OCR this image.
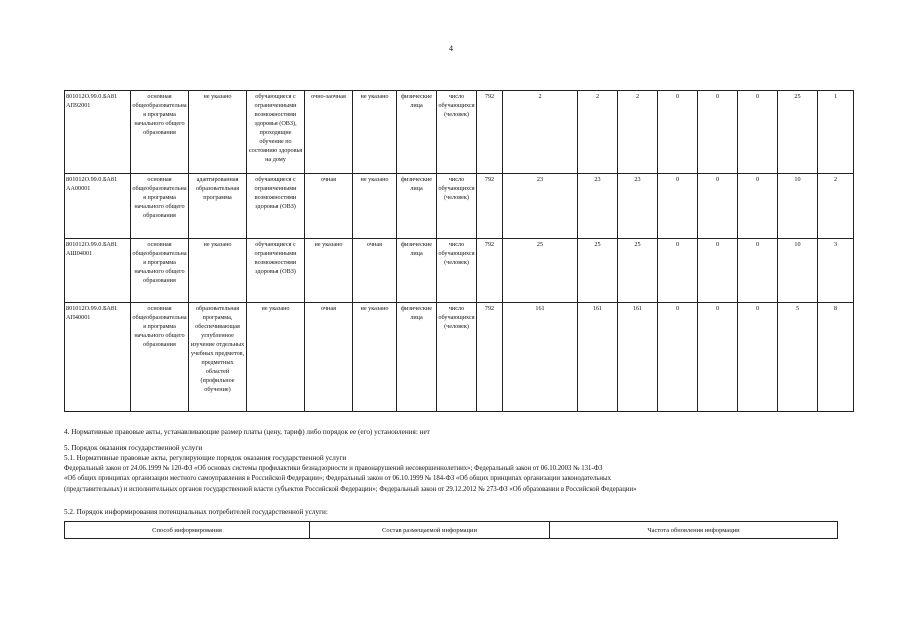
4
801012О.99.0.БА81 АП92001	основная общеобразовательная программа начального общего образования	не указано	обучающиеся с ограниченными возможностями здоровья (ОВЗ), проходящие обучение по состоянию здоровья на дому	очно-заочная	не указано	физические лица	число обучающихся (человек)	792	2	2	2	0	0	0	25	1
801012О.99.0.БА81 АА00001	основная общеобразовательная программа начального общего образования	адаптированная образовательная программа	обучающиеся с ограниченными возможностями здоровья (ОВЗ)	очная	не указано	физические лица	число обучающихся (человек)	792	23	23	23	0	0	0	10	2
801012О.99.0.БА81 АШ04001	основная общеобразовательная программа начального общего образования	не указано	обучающиеся с ограниченными возможностями здоровья (ОВЗ)	не указано	очная	физические лица	число обучающихся (человек)	792	25	25	25	0	0	0	10	3
801012О.99.0.БА81 АП40001	основная общеобразовательная программа начального общего образования	образовательная программа, обеспечивающая углубленное изучение отдельных учебных предметов, предметных областей (профильное обучение)	не указано	очная	не указано	физические лица	число обучающихся (человек)	792	161	161	161	0	0	0	5	8
4. Нормативные правовые акты, устанавливающие размер платы (цену, тариф) либо порядок ее (его) установления: нет
5. Порядок оказания государственной услуги
5.1. Нормативные правовые акты, регулирующие порядок оказания государственной услуги
Федеральный закон от 24.06.1999 № 120-ФЗ «Об основах системы профилактики безнадзорности и правонарушений несовершеннолетних»; Федеральный закон от 06.10.2003 № 131-ФЗ
«Об общих принципах организации местного самоуправления в Российской Федерации»; Федеральный закон от 06.10.1999 № 184-ФЗ «Об общих принципах организации законодательных
(представительных) и исполнительных органов государственной власти субъектов Российской Федерации»; Федеральный закон от 29.12.2012 № 273-ФЗ «Об образовании в Российской Федерации»
5.2. Порядок информирования потенциальных потребителей государственной услуги:
Способ информирования	Состав размещаемой информации	Частота обновления информации
